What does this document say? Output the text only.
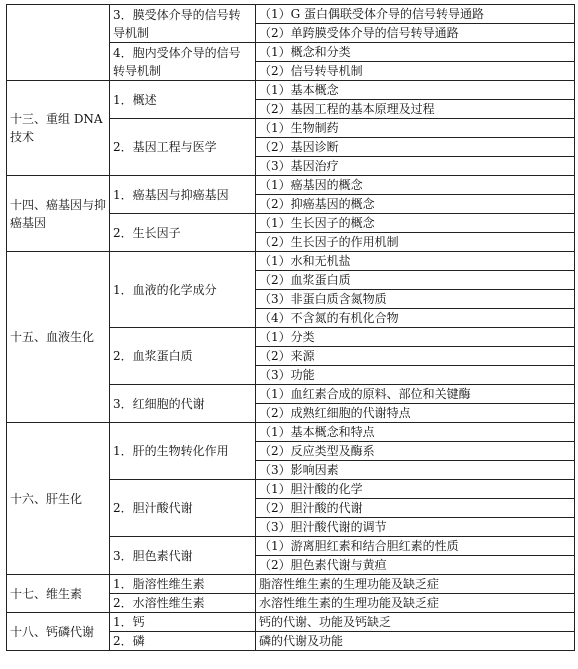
	3．膜受体介导的信号转导机制	（1）G 蛋白偶联受体介导的信号转导通路
		（2）单跨膜受体介导的信号转导通路
	4．胞内受体介导的信号转导机制	（1）概念和分类
		（2）信号转导机制
十三、重组 DNA 技术	1．概述	（1）基本概念
		（2）基因工程的基本原理及过程
	2．基因工程与医学	（1）生物制药
		（2）基因诊断
		（3）基因治疗
十四、癌基因与抑癌基因	1．癌基因与抑癌基因	（1）癌基因的概念
		（2）抑癌基因的概念
	2．生长因子	（1）生长因子的概念
		（2）生长因子的作用机制
十五、血液生化	1．血液的化学成分	（1）水和无机盐
		（2）血浆蛋白质
		（3）非蛋白质含氮物质
		（4）不含氮的有机化合物
	2．血浆蛋白质	（1）分类
		（2）来源
		（3）功能
	3．红细胞的代谢	（1）血红素合成的原料、部位和关键酶
		（2）成熟红细胞的代谢特点
十六、肝生化	1．肝的生物转化作用	（1）基本概念和特点
		（2）反应类型及酶系
		（3）影响因素
	2．胆汁酸代谢	（1）胆汁酸的化学
		（2）胆汁酸的代谢
		（3）胆汁酸代谢的调节
	3．胆色素代谢	（1）游离胆红素和结合胆红素的性质
		（2）胆色素代谢与黄疸
十七、维生素	1．脂溶性维生素	脂溶性维生素的生理功能及缺乏症
	2．水溶性维生素	水溶性维生素的生理功能及缺乏症
十八、钙磷代谢	1．钙	钙的代谢、功能及钙缺乏
	2．磷	磷的代谢及功能
